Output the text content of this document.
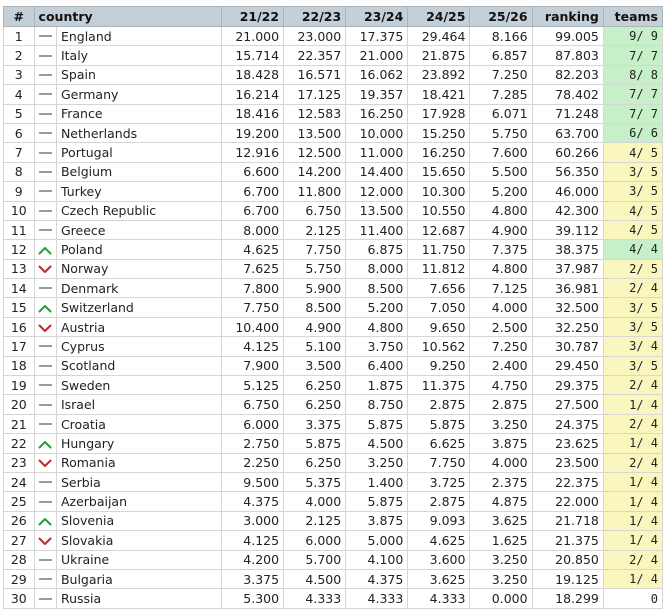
#	country		21/22	22/23	23/24	24/25	25/26	ranking	teams
1		England	21.000	23.000	17.375	29.464	8.166	99.005	9/ 9
2		Italy	15.714	22.357	21.000	21.875	6.857	87.803	7/ 7
3		Spain	18.428	16.571	16.062	23.892	7.250	82.203	8/ 8
4		Germany	16.214	17.125	19.357	18.421	7.285	78.402	7/ 7
5		France	18.416	12.583	16.250	17.928	6.071	71.248	7/ 7
6		Netherlands	19.200	13.500	10.000	15.250	5.750	63.700	6/ 6
7		Portugal	12.916	12.500	11.000	16.250	7.600	60.266	4/ 5
8		Belgium	6.600	14.200	14.400	15.650	5.500	56.350	3/ 5
9		Turkey	6.700	11.800	12.000	10.300	5.200	46.000	3/ 5
10		Czech Republic	6.700	6.750	13.500	10.550	4.800	42.300	4/ 5
11		Greece	8.000	2.125	11.400	12.687	4.900	39.112	4/ 5
12		Poland	4.625	7.750	6.875	11.750	7.375	38.375	4/ 4
13		Norway	7.625	5.750	8.000	11.812	4.800	37.987	2/ 5
14		Denmark	7.800	5.900	8.500	7.656	7.125	36.981	2/ 4
15		Switzerland	7.750	8.500	5.200	7.050	4.000	32.500	3/ 5
16		Austria	10.400	4.900	4.800	9.650	2.500	32.250	3/ 5
17		Cyprus	4.125	5.100	3.750	10.562	7.250	30.787	3/ 4
18		Scotland	7.900	3.500	6.400	9.250	2.400	29.450	3/ 5
19		Sweden	5.125	6.250	1.875	11.375	4.750	29.375	2/ 4
20		Israel	6.750	6.250	8.750	2.875	2.875	27.500	1/ 4
21		Croatia	6.000	3.375	5.875	5.875	3.250	24.375	2/ 4
22		Hungary	2.750	5.875	4.500	6.625	3.875	23.625	1/ 4
23		Romania	2.250	6.250	3.250	7.750	4.000	23.500	2/ 4
24		Serbia	9.500	5.375	1.400	3.725	2.375	22.375	1/ 4
25		Azerbaijan	4.375	4.000	5.875	2.875	4.875	22.000	1/ 4
26		Slovenia	3.000	2.125	3.875	9.093	3.625	21.718	1/ 4
27		Slovakia	4.125	6.000	5.000	4.625	1.625	21.375	1/ 4
28		Ukraine	4.200	5.700	4.100	3.600	3.250	20.850	2/ 4
29		Bulgaria	3.375	4.500	4.375	3.625	3.250	19.125	1/ 4
30		Russia	5.300	4.333	4.333	4.333	0.000	18.299	0
